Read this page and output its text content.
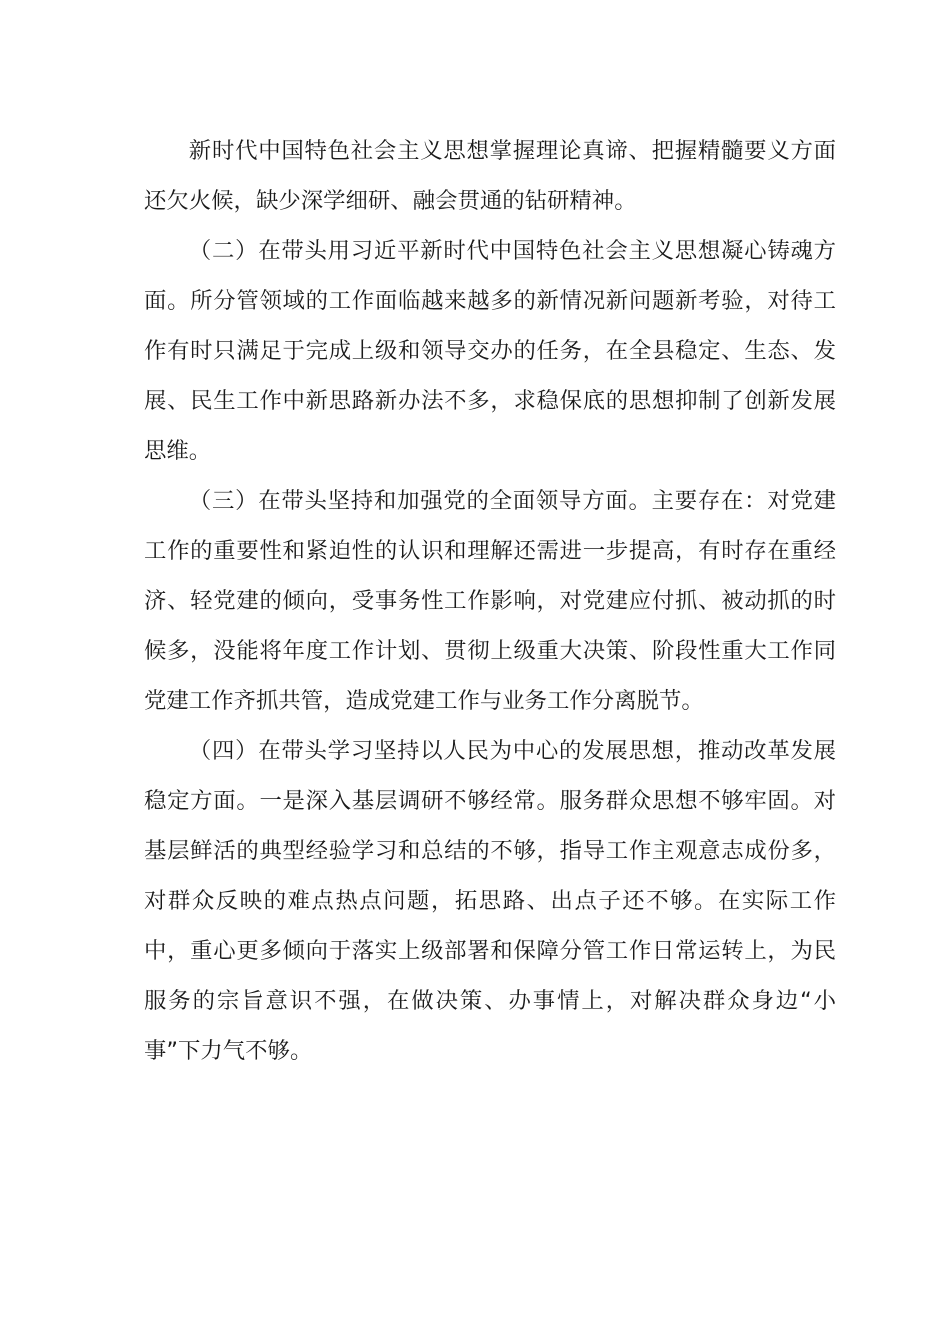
新时代中国特色社会主义思想掌握理论真谛、把握精髓要义方面还欠火候，缺少深学细研、融会贯通的钻研精神。

（二）在带头用习近平新时代中国特色社会主义思想凝心铸魂方面。所分管领域的工作面临越来越多的新情况新问题新考验，对待工作有时只满足于完成上级和领导交办的任务，在全县稳定、生态、发展、民生工作中新思路新办法不多，求稳保底的思想抑制了创新发展思维。

（三）在带头坚持和加强党的全面领导方面。主要存在：对党建工作的重要性和紧迫性的认识和理解还需进一步提高，有时存在重经济、轻党建的倾向，受事务性工作影响，对党建应付抓、被动抓的时候多，没能将年度工作计划、贯彻上级重大决策、阶段性重大工作同党建工作齐抓共管，造成党建工作与业务工作分离脱节。

（四）在带头学习坚持以人民为中心的发展思想，推动改革发展稳定方面。一是深入基层调研不够经常。服务群众思想不够牢固。对基层鲜活的典型经验学习和总结的不够，指导工作主观意志成份多，对群众反映的难点热点问题，拓思路、出点子还不够。在实际工作中，重心更多倾向于落实上级部署和保障分管工作日常运转上，为民服务的宗旨意识不强，在做决策、办事情上，对解决群众身边“小事”下力气不够。
